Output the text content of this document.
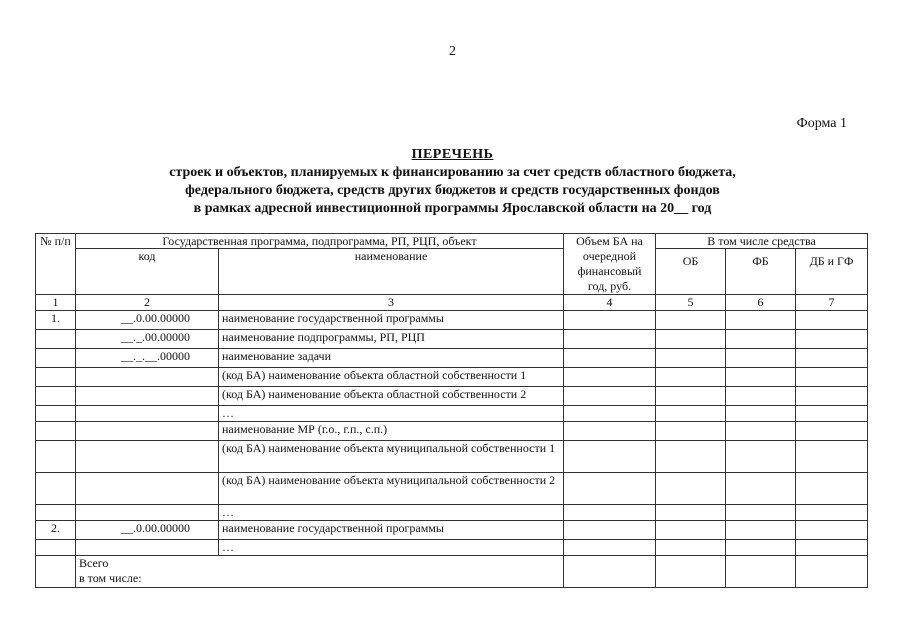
2
Форма 1
ПЕРЕЧЕНЬ
строек и объектов, планируемых к финансированию за счет средств областного бюджета,
федерального бюджета, средств других бюджетов и средств государственных фондов
в рамках адресной инвестиционной программы Ярославской области на 20__ год
№ п/п	Государственная программа, подпрограмма, РП, РЦП, объект		Объем БА на очередной финансовый год, руб.	В том числе средства		
	код	наименование		ОБ	ФБ	ДБ и ГФ
1	2	3	4	5	6	7
1.	__.0.00.00000	наименование государственной программы				
	__._.00.00000	наименование подпрограммы, РП, РЦП				
	__._.__.00000	наименование задачи				
		(код БА) наименование объекта областной собственности 1				
		(код БА) наименование объекта областной собственности 2				
		…				
		наименование МР (г.о., г.п., с.п.)				
		(код БА) наименование объекта муниципальной собственности 1				
		(код БА) наименование объекта муниципальной собственности 2				
		…				
2.	__.0.00.00000	наименование государственной программы				
		…				

	Всего
в том числе:					
